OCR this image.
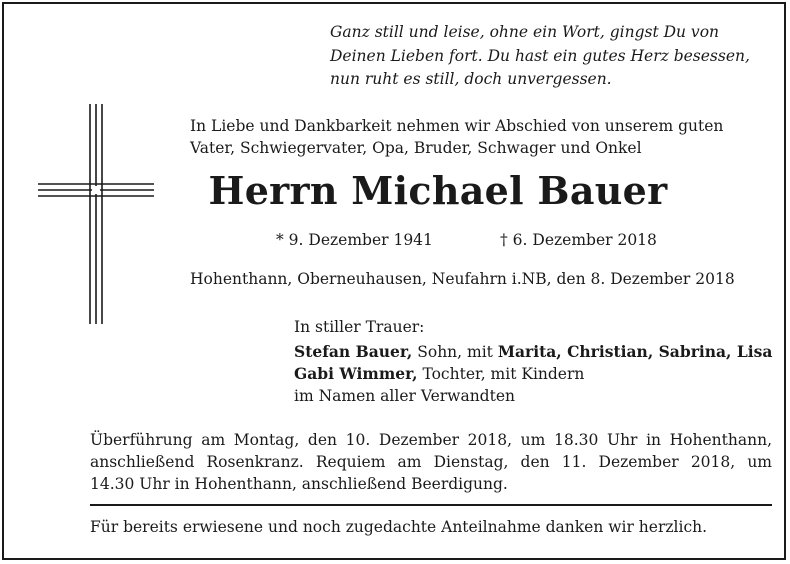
Ganz still und leise, ohne ein Wort, gingst Du von
Deinen Lieben fort. Du hast ein gutes Herz besessen,
nun ruht es still, doch unvergessen.
In Liebe und Dankbarkeit nehmen wir Abschied von unserem guten
Vater, Schwiegervater, Opa, Bruder, Schwager und Onkel
Herrn Michael Bauer
* 9. Dezember 1941	† 6. Dezember 2018
Hohenthann, Oberneuhausen, Neufahrn i.NB, den 8. Dezember 2018
In stiller Trauer:
Stefan Bauer, Sohn, mit Marita, Christian, Sabrina, Lisa
Gabi Wimmer, Tochter, mit Kindern
im Namen aller Verwandten
Überführung am Montag, den 10. Dezember 2018, um 18.30 Uhr in Hohenthann,
anschließend Rosenkranz. Requiem am Dienstag, den 11. Dezember 2018, um
14.30 Uhr in Hohenthann, anschließend Beerdigung.
Für bereits erwiesene und noch zugedachte Anteilnahme danken wir herzlich.
